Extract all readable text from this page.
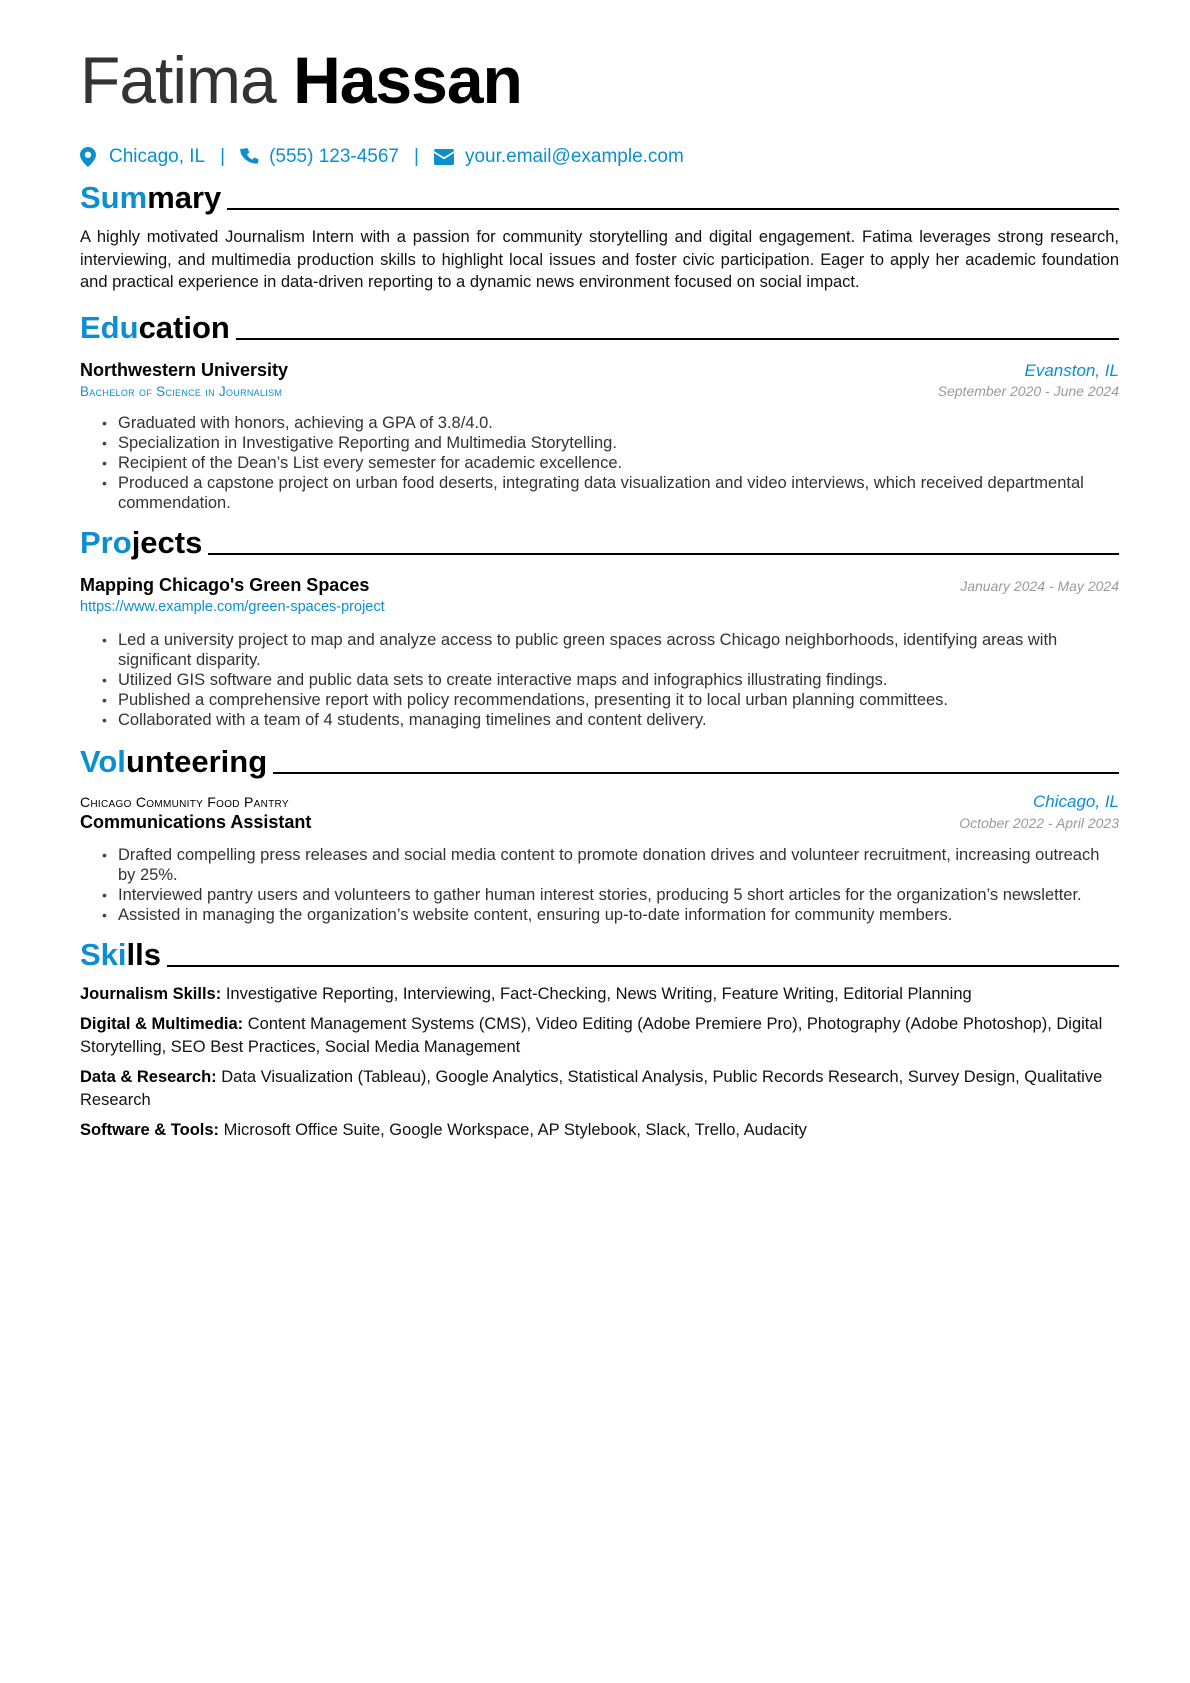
Fatima Hassan
Chicago, IL | (555) 123-4567 | your.email@example.com
Summary

A highly motivated Journalism Intern with a passion for community storytelling and digital engagement. Fatima leverages strong research, interviewing, and multimedia production skills to highlight local issues and foster civic participation. Eager to apply her academic foundation and practical experience in data-driven reporting to a dynamic news environment focused on social impact.

Education
Northwestern University	Evanston, IL
Bachelor of Science in Journalism	September 2020 - June 2024
• Graduated with honors, achieving a GPA of 3.8/4.0.
• Specialization in Investigative Reporting and Multimedia Storytelling.
• Recipient of the Dean’s List every semester for academic excellence.
• Produced a capstone project on urban food deserts, integrating data visualization and video interviews, which received departmental commendation.
Projects
Mapping Chicago's Green Spaces	January 2024 - May 2024
https://www.example.com/green-spaces-project
• Led a university project to map and analyze access to public green spaces across Chicago neighborhoods, identifying areas with significant disparity.
• Utilized GIS software and public data sets to create interactive maps and infographics illustrating findings.
• Published a comprehensive report with policy recommendations, presenting it to local urban planning committees.
• Collaborated with a team of 4 students, managing timelines and content delivery.
Volunteering
Chicago Community Food Pantry	Chicago, IL
Communications Assistant	October 2022 - April 2023
• Drafted compelling press releases and social media content to promote donation drives and volunteer recruitment, increasing outreach by 25%.
• Interviewed pantry users and volunteers to gather human interest stories, producing 5 short articles for the organization’s newsletter.
• Assisted in managing the organization’s website content, ensuring up-to-date information for community members.
Skills

Journalism Skills: Investigative Reporting, Interviewing, Fact-Checking, News Writing, Feature Writing, Editorial Planning

Digital & Multimedia: Content Management Systems (CMS), Video Editing (Adobe Premiere Pro), Photography (Adobe Photoshop), Digital Storytelling, SEO Best Practices, Social Media Management

Data & Research: Data Visualization (Tableau), Google Analytics, Statistical Analysis, Public Records Research, Survey Design, Qualitative Research

Software & Tools: Microsoft Office Suite, Google Workspace, AP Stylebook, Slack, Trello, Audacity
